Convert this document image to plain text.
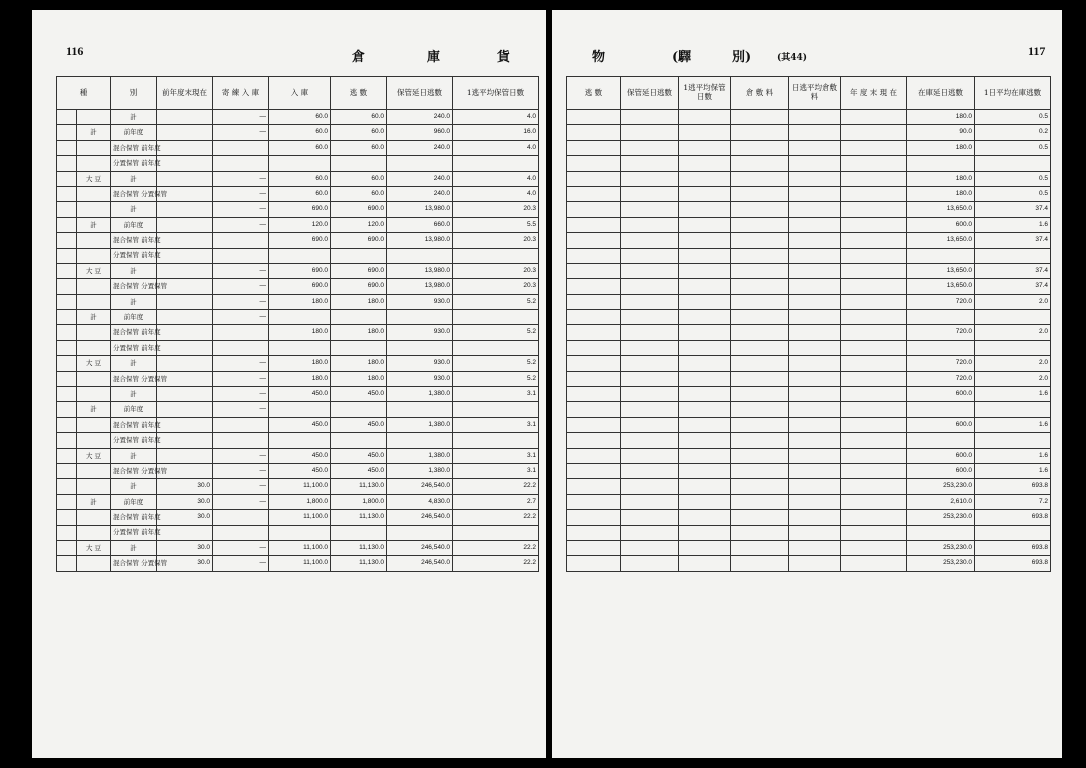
116	倉	庫	貨
種		別	前年度末現在	寄 練 入 庫	入 庫	逃 數	保管延日逃數	1逃平均保管日數
		計		—	60.0	60.0	240.0	4.0
	計	前年度		—	60.0	60.0	960.0	16.0
		混合保管 前年度			60.0	60.0	240.0	4.0
		分置保管 前年度						
	大 豆	計		—	60.0	60.0	240.0	4.0
		混合保管 分置保管		—	60.0	60.0	240.0	4.0
		計		—	690.0	690.0	13,980.0	20.3
	計	前年度		—	120.0	120.0	660.0	5.5
		混合保管 前年度			690.0	690.0	13,980.0	20.3
		分置保管 前年度						
	大 豆	計		—	690.0	690.0	13,980.0	20.3
		混合保管 分置保管		—	690.0	690.0	13,980.0	20.3
		計		—	180.0	180.0	930.0	5.2
	計	前年度		—				
		混合保管 前年度			180.0	180.0	930.0	5.2
		分置保管 前年度						
	大 豆	計		—	180.0	180.0	930.0	5.2
		混合保管 分置保管		—	180.0	180.0	930.0	5.2
		計		—	450.0	450.0	1,380.0	3.1
	計	前年度		—				
		混合保管 前年度			450.0	450.0	1,380.0	3.1
		分置保管 前年度						
	大 豆	計		—	450.0	450.0	1,380.0	3.1
		混合保管 分置保管		—	450.0	450.0	1,380.0	3.1
		計	30.0	—	11,100.0	11,130.0	246,540.0	22.2
	計	前年度	30.0	—	1,800.0	1,800.0	4,830.0	2.7
		混合保管 前年度	30.0		11,100.0	11,130.0	246,540.0	22.2
		分置保管 前年度						
	大 豆	計	30.0	—	11,100.0	11,130.0	246,540.0	22.2
		混合保管 分置保管	30.0	—	11,100.0	11,130.0	246,540.0	22.2
物	(驛	別)	(其44)	117
逃 數	保管延日逃數	1逃平均保管日數	倉 敷 料	日逃平均倉敷料	年 度 末 現 在	在庫延日逃數	1日平均在庫逃數
						180.0	0.5
						90.0	0.2
						180.0	0.5

						180.0	0.5
						180.0	0.5
						13,650.0	37.4
						600.0	1.6
						13,650.0	37.4

						13,650.0	37.4
						13,650.0	37.4
						720.0	2.0

						720.0	2.0

						720.0	2.0
						720.0	2.0
						600.0	1.6

						600.0	1.6

						600.0	1.6
						600.0	1.6
						253,230.0	693.8
						2,610.0	7.2
						253,230.0	693.8

						253,230.0	693.8
						253,230.0	693.8
